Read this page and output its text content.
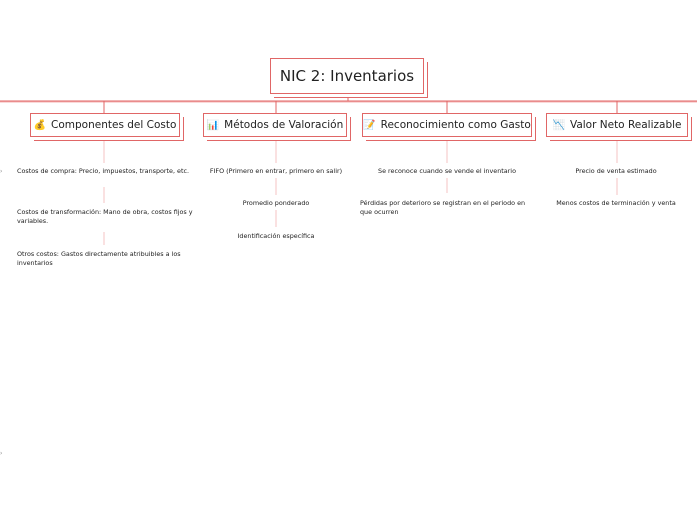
›
›
NIC 2: Inventarios
💰 Componentes del Costo
Costos de compra: Precio, impuestos, transporte, etc.
Costos de transformación: Mano de obra, costos fijos y variables.
Otros costos: Gastos directamente atribuibles a los inventarios
📊 Métodos de Valoración
FIFO (Primero en entrar, primero en salir)
Promedio ponderado
Identificación específica
📝 Reconocimiento como Gasto
Se reconoce cuando se vende el inventario
Pérdidas por deterioro se registran en el periodo en que ocurren
📉 Valor Neto Realizable
Precio de venta estimado
Menos costos de terminación y venta
